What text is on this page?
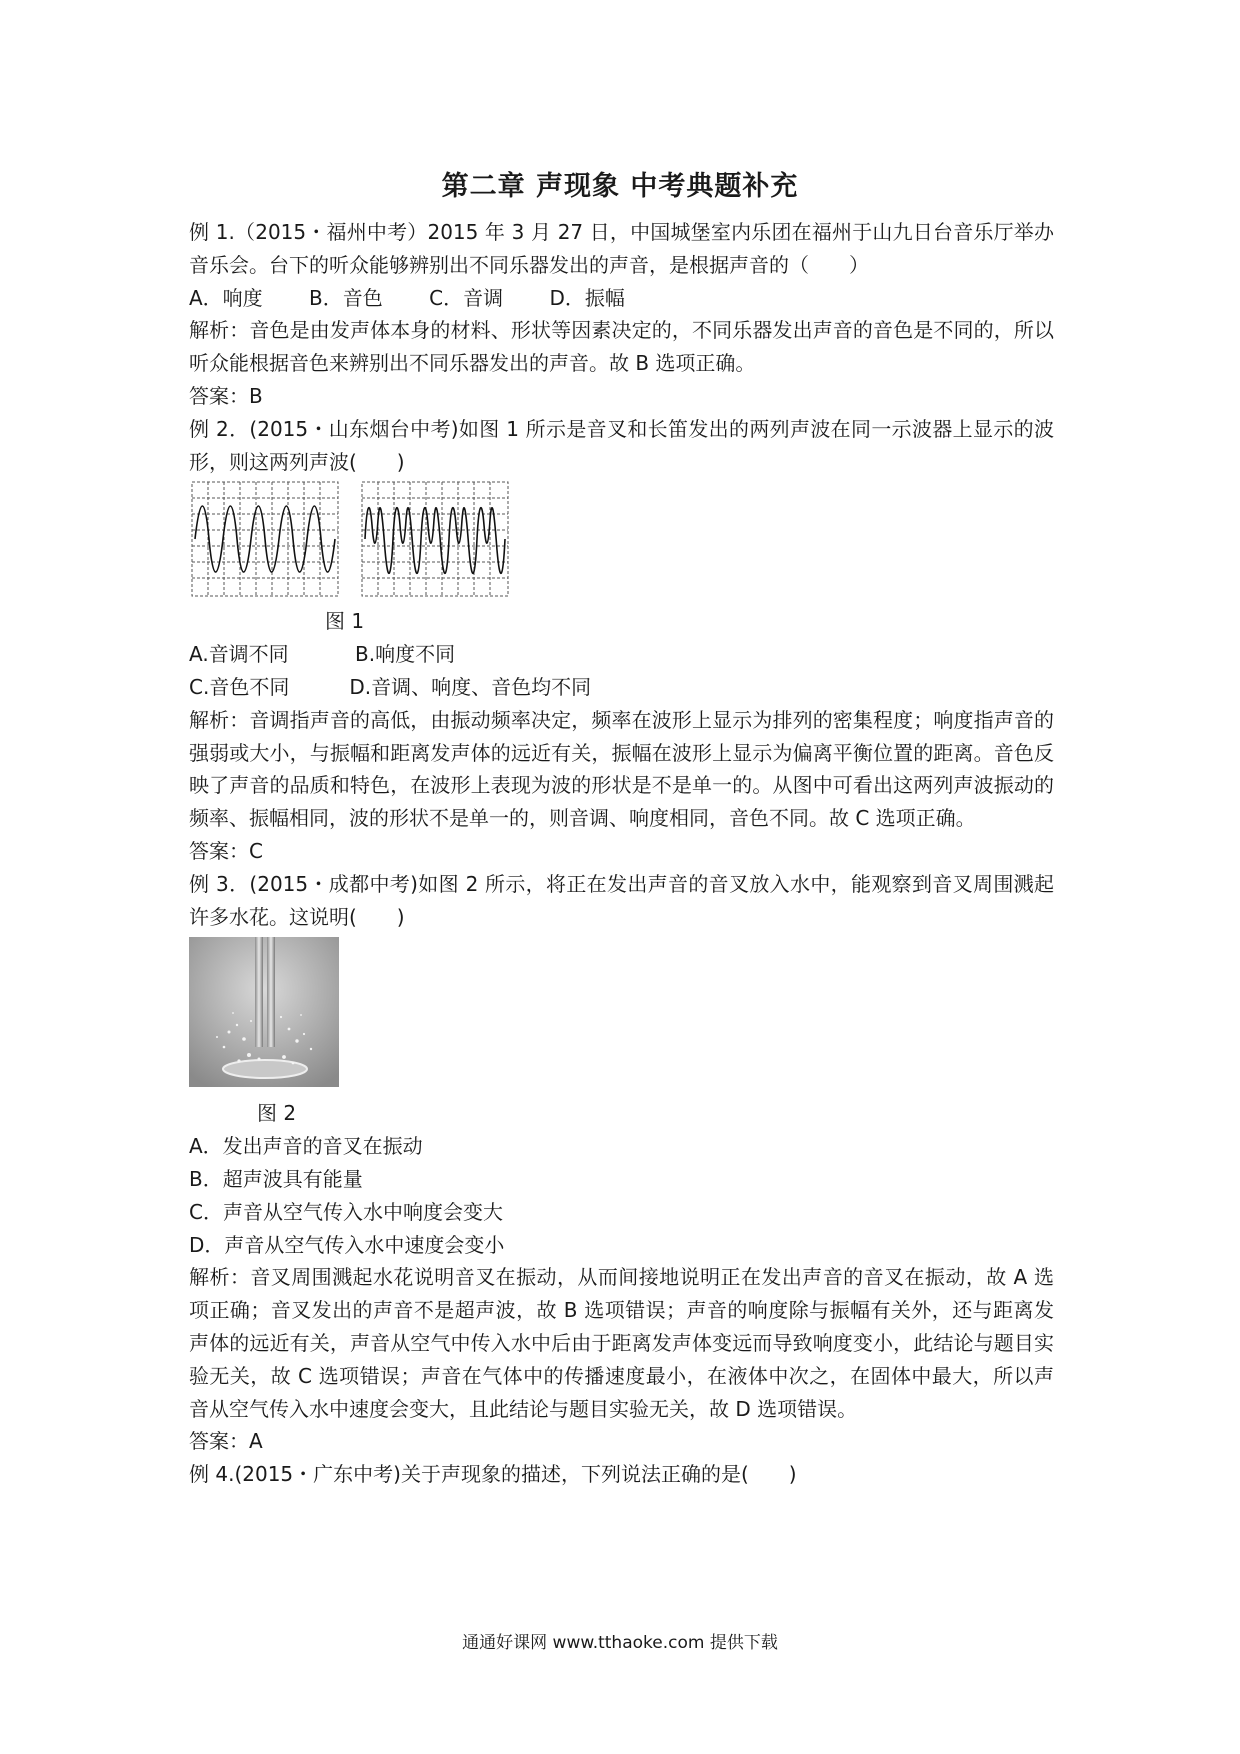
第二章 声现象 中考典题补充

例 1.（2015・福州中考）2015 年 3 月 27 日，中国城堡室内乐团在福州于山九日台音乐厅举办音乐会。台下的听众能够辨别出不同乐器发出的声音，是根据声音的（　　）

A．响度　　 B．音色　　 C．音调　　 D．振幅

解析：音色是由发声体本身的材料、形状等因素决定的，不同乐器发出声音的音色是不同的，所以听众能根据音色来辨别出不同乐器发出的声音。故 B 选项正确。

答案：B

例 2．(2015・山东烟台中考)如图 1 所示是音叉和长笛发出的两列声波在同一示波器上显示的波形，则这两列声波(　　)

图 1

A.音调不同　　　 B.响度不同

C.音色不同　　　D.音调、响度、音色均不同

解析：音调指声音的高低，由振动频率决定，频率在波形上显示为排列的密集程度；响度指声音的强弱或大小，与振幅和距离发声体的远近有关，振幅在波形上显示为偏离平衡位置的距离。音色反映了声音的品质和特色，在波形上表现为波的形状是不是单一的。从图中可看出这两列声波振动的频率、振幅相同，波的形状不是单一的，则音调、响度相同，音色不同。故 C 选项正确。

答案：C

例 3．(2015・成都中考)如图 2 所示，将正在发出声音的音叉放入水中，能观察到音叉周围溅起许多水花。这说明(　　)

图 2

A．发出声音的音叉在振动

B．超声波具有能量

C．声音从空气传入水中响度会变大

D．声音从空气传入水中速度会变小

解析：音叉周围溅起水花说明音叉在振动，从而间接地说明正在发出声音的音叉在振动，故 A 选项正确；音叉发出的声音不是超声波，故 B 选项错误；声音的响度除与振幅有关外，还与距离发声体的远近有关，声音从空气中传入水中后由于距离发声体变远而导致响度变小，此结论与题目实验无关，故 C 选项错误；声音在气体中的传播速度最小，在液体中次之，在固体中最大，所以声音从空气传入水中速度会变大，且此结论与题目实验无关，故 D 选项错误。

答案：A

例 4.(2015・广东中考)关于声现象的描述，下列说法正确的是(　　)

通通好课网 www.tthaoke.com 提供下载
